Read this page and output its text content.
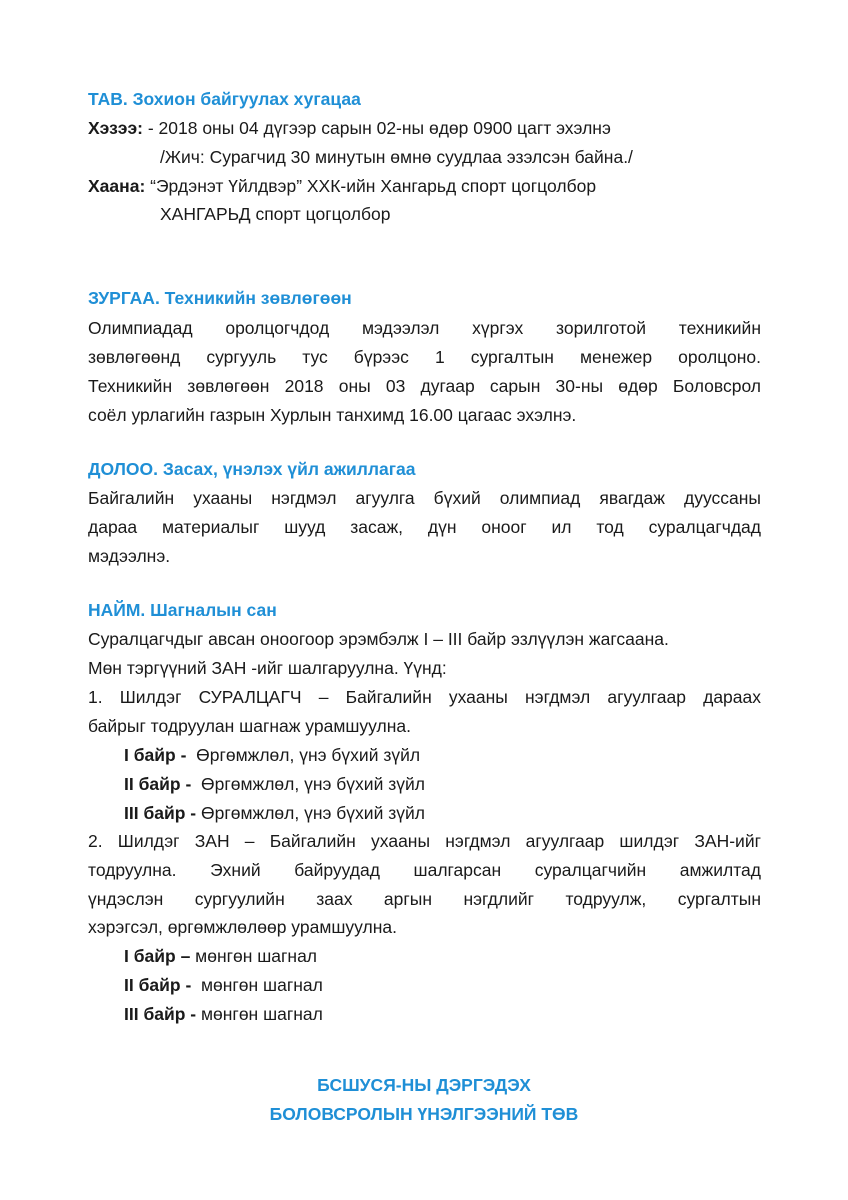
ТАВ. Зохион байгуулах хугацаа
Хэзээ: - 2018 оны 04 дүгээр сарын 02-ны өдөр 0900 цагт эхэлнэ
/Жич: Сурагчид 30 минутын өмнө суудлаа эзэлсэн байна./
Хаана: “Эрдэнэт Үйлдвэр” ХХК-ийн Хангарьд спорт цогцолбор
ХАНГАРЬД спорт цогцолбор
ЗУРГАА. Техникийн зөвлөгөөн
Олимпиадад оролцогчдод мэдээлэл хүргэх зорилготой техникийн
зөвлөгөөнд сургууль тус бүрээс 1 сургалтын менежер оролцоно.
Техникийн зөвлөгөөн 2018 оны 03 дугаар сарын 30-ны өдөр Боловсрол
соёл урлагийн газрын Хурлын танхимд 16.00 цагаас эхэлнэ.
ДОЛОО. Засах, үнэлэх үйл ажиллагаа
Байгалийн ухааны нэгдмэл агуулга бүхий олимпиад явагдаж дууссаны
дараа материалыг шууд засаж, дүн оноог ил тод суралцагчдад
мэдээлнэ.
НАЙМ. Шагналын сан
Суралцагчдыг авсан оноогоор эрэмбэлж I – III байр эзлүүлэн жагсаана.
Мөн тэргүүний ЗАН -ийг шалгаруулна. Үүнд:
1. Шилдэг СУРАЛЦАГЧ – Байгалийн ухааны нэгдмэл агуулгаар дараах
байрыг тодруулан шагнаж урамшуулна.
I байр -  Өргөмжлөл, үнэ бүхий зүйл
II байр -  Өргөмжлөл, үнэ бүхий зүйл
III байр - Өргөмжлөл, үнэ бүхий зүйл
2. Шилдэг ЗАН – Байгалийн ухааны нэгдмэл агуулгаар шилдэг ЗАН-ийг
тодруулна. Эхний байруудад шалгарсан суралцагчийн амжилтад
үндэслэн сургуулийн заах аргын нэгдлийг тодруулж, сургалтын
хэрэгсэл, өргөмжлөлөөр урамшуулна.
I байр – мөнгөн шагнал
II байр -  мөнгөн шагнал
III байр - мөнгөн шагнал
БСШУСЯ-НЫ ДЭРГЭДЭХ
БОЛОВСРОЛЫН ҮНЭЛГЭЭНИЙ ТӨВ
